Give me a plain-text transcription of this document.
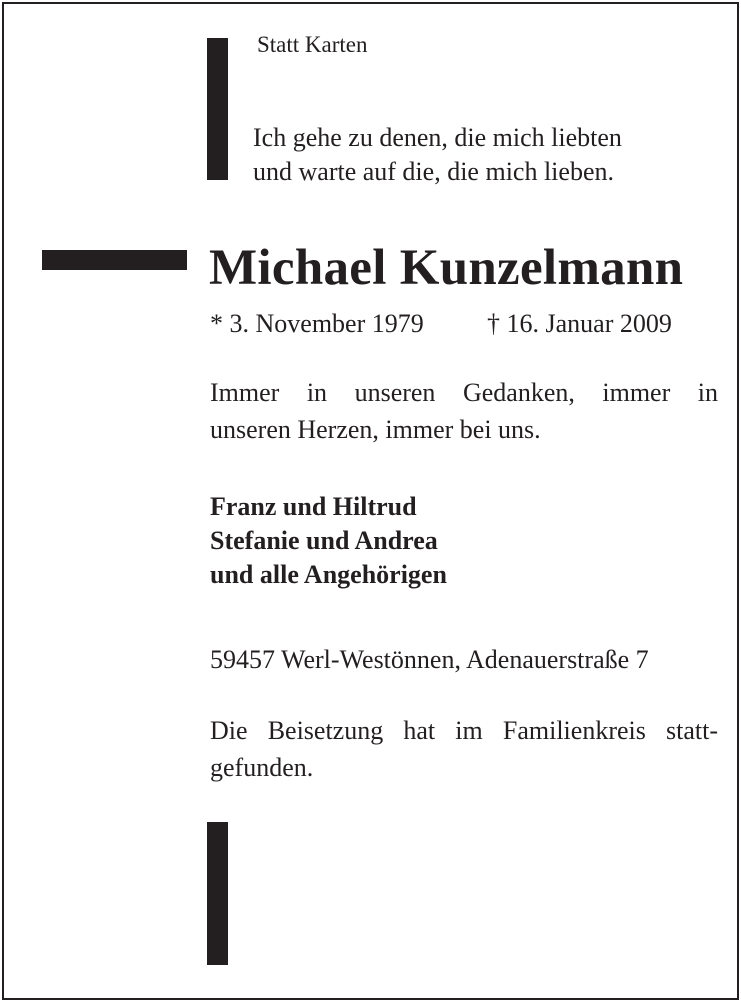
Statt Karten

Ich gehe zu denen, die mich liebten
und warte auf die, die mich lieben.
Michael Kunzelmann
* 3. November 1979 † 16. Januar 2009
Immer in unseren Gedanken, immer in
unseren Herzen, immer bei uns.
Franz und Hiltrud
Stefanie und Andrea
und alle Angehörigen
59457 Werl-Westönnen, Adenauerstraße 7
Die Beisetzung hat im Familienkreis statt-
gefunden.
